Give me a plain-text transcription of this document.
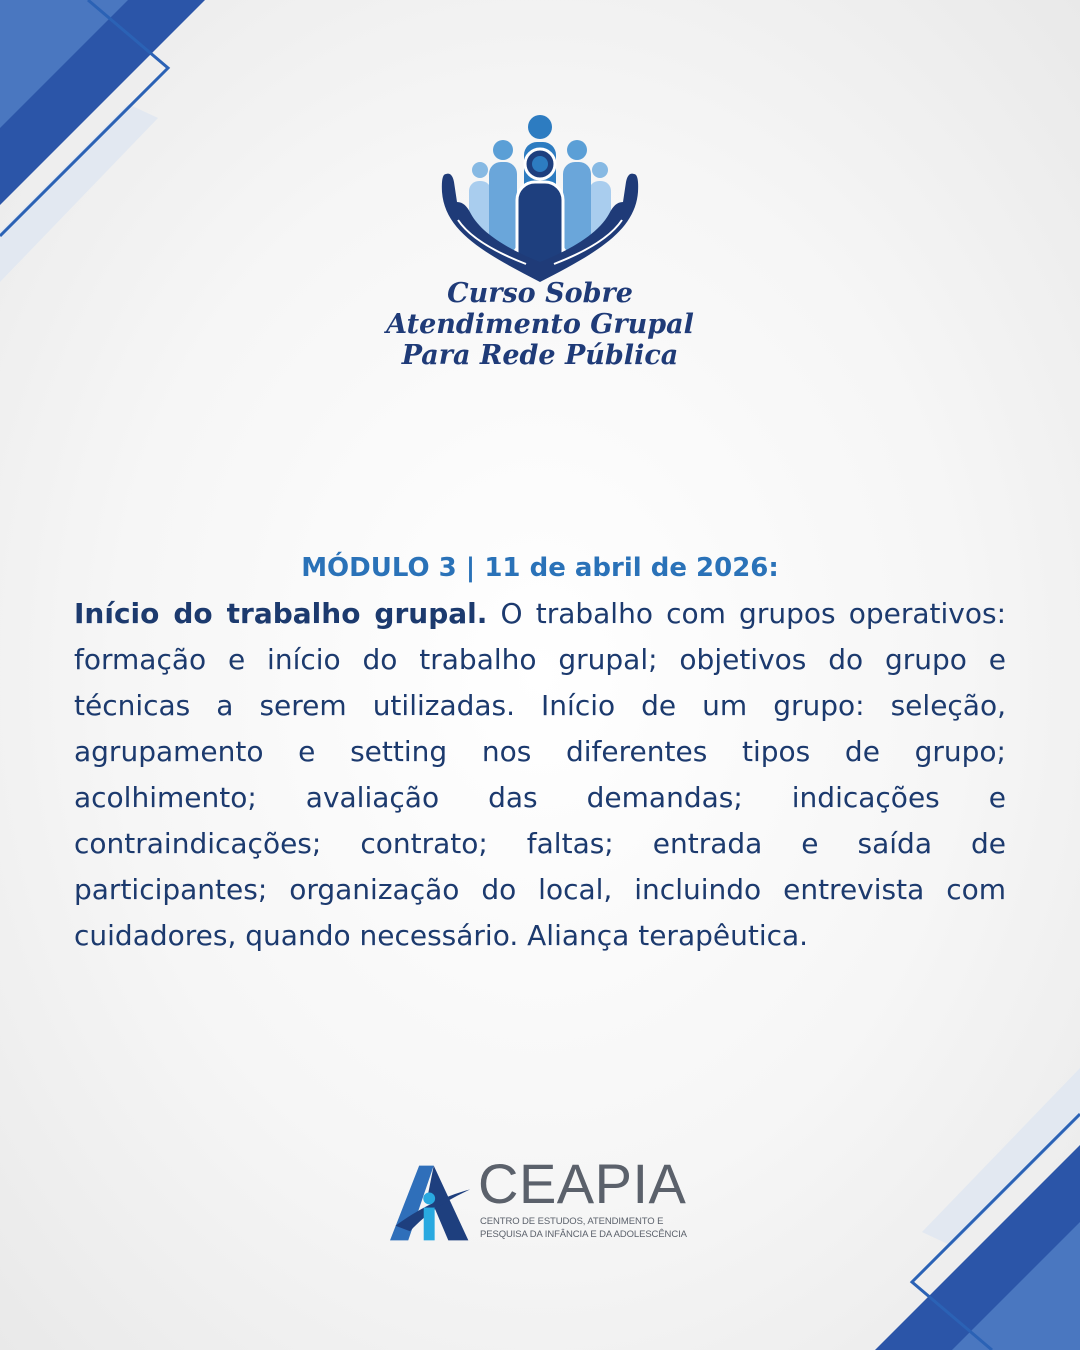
Curso Sobre
Atendimento Grupal
Para Rede Pública
MÓDULO 3 | 11 de abril de 2026:

Início do trabalho grupal. O trabalho com grupos operativos: formação e início do trabalho grupal; objetivos do grupo e técnicas a serem utilizadas. Início de um grupo: seleção, agrupamento e setting nos diferentes tipos de grupo; acolhimento; avaliação das demandas; indicações e contraindicações; contrato; faltas; entrada e saída de participantes; organização do local, incluindo entrevista com cuidadores, quando necessário. Aliança terapêutica.

CEAPIA
CENTRO DE ESTUDOS, ATENDIMENTO E
PESQUISA DA INFÂNCIA E DA ADOLESCÊNCIA
